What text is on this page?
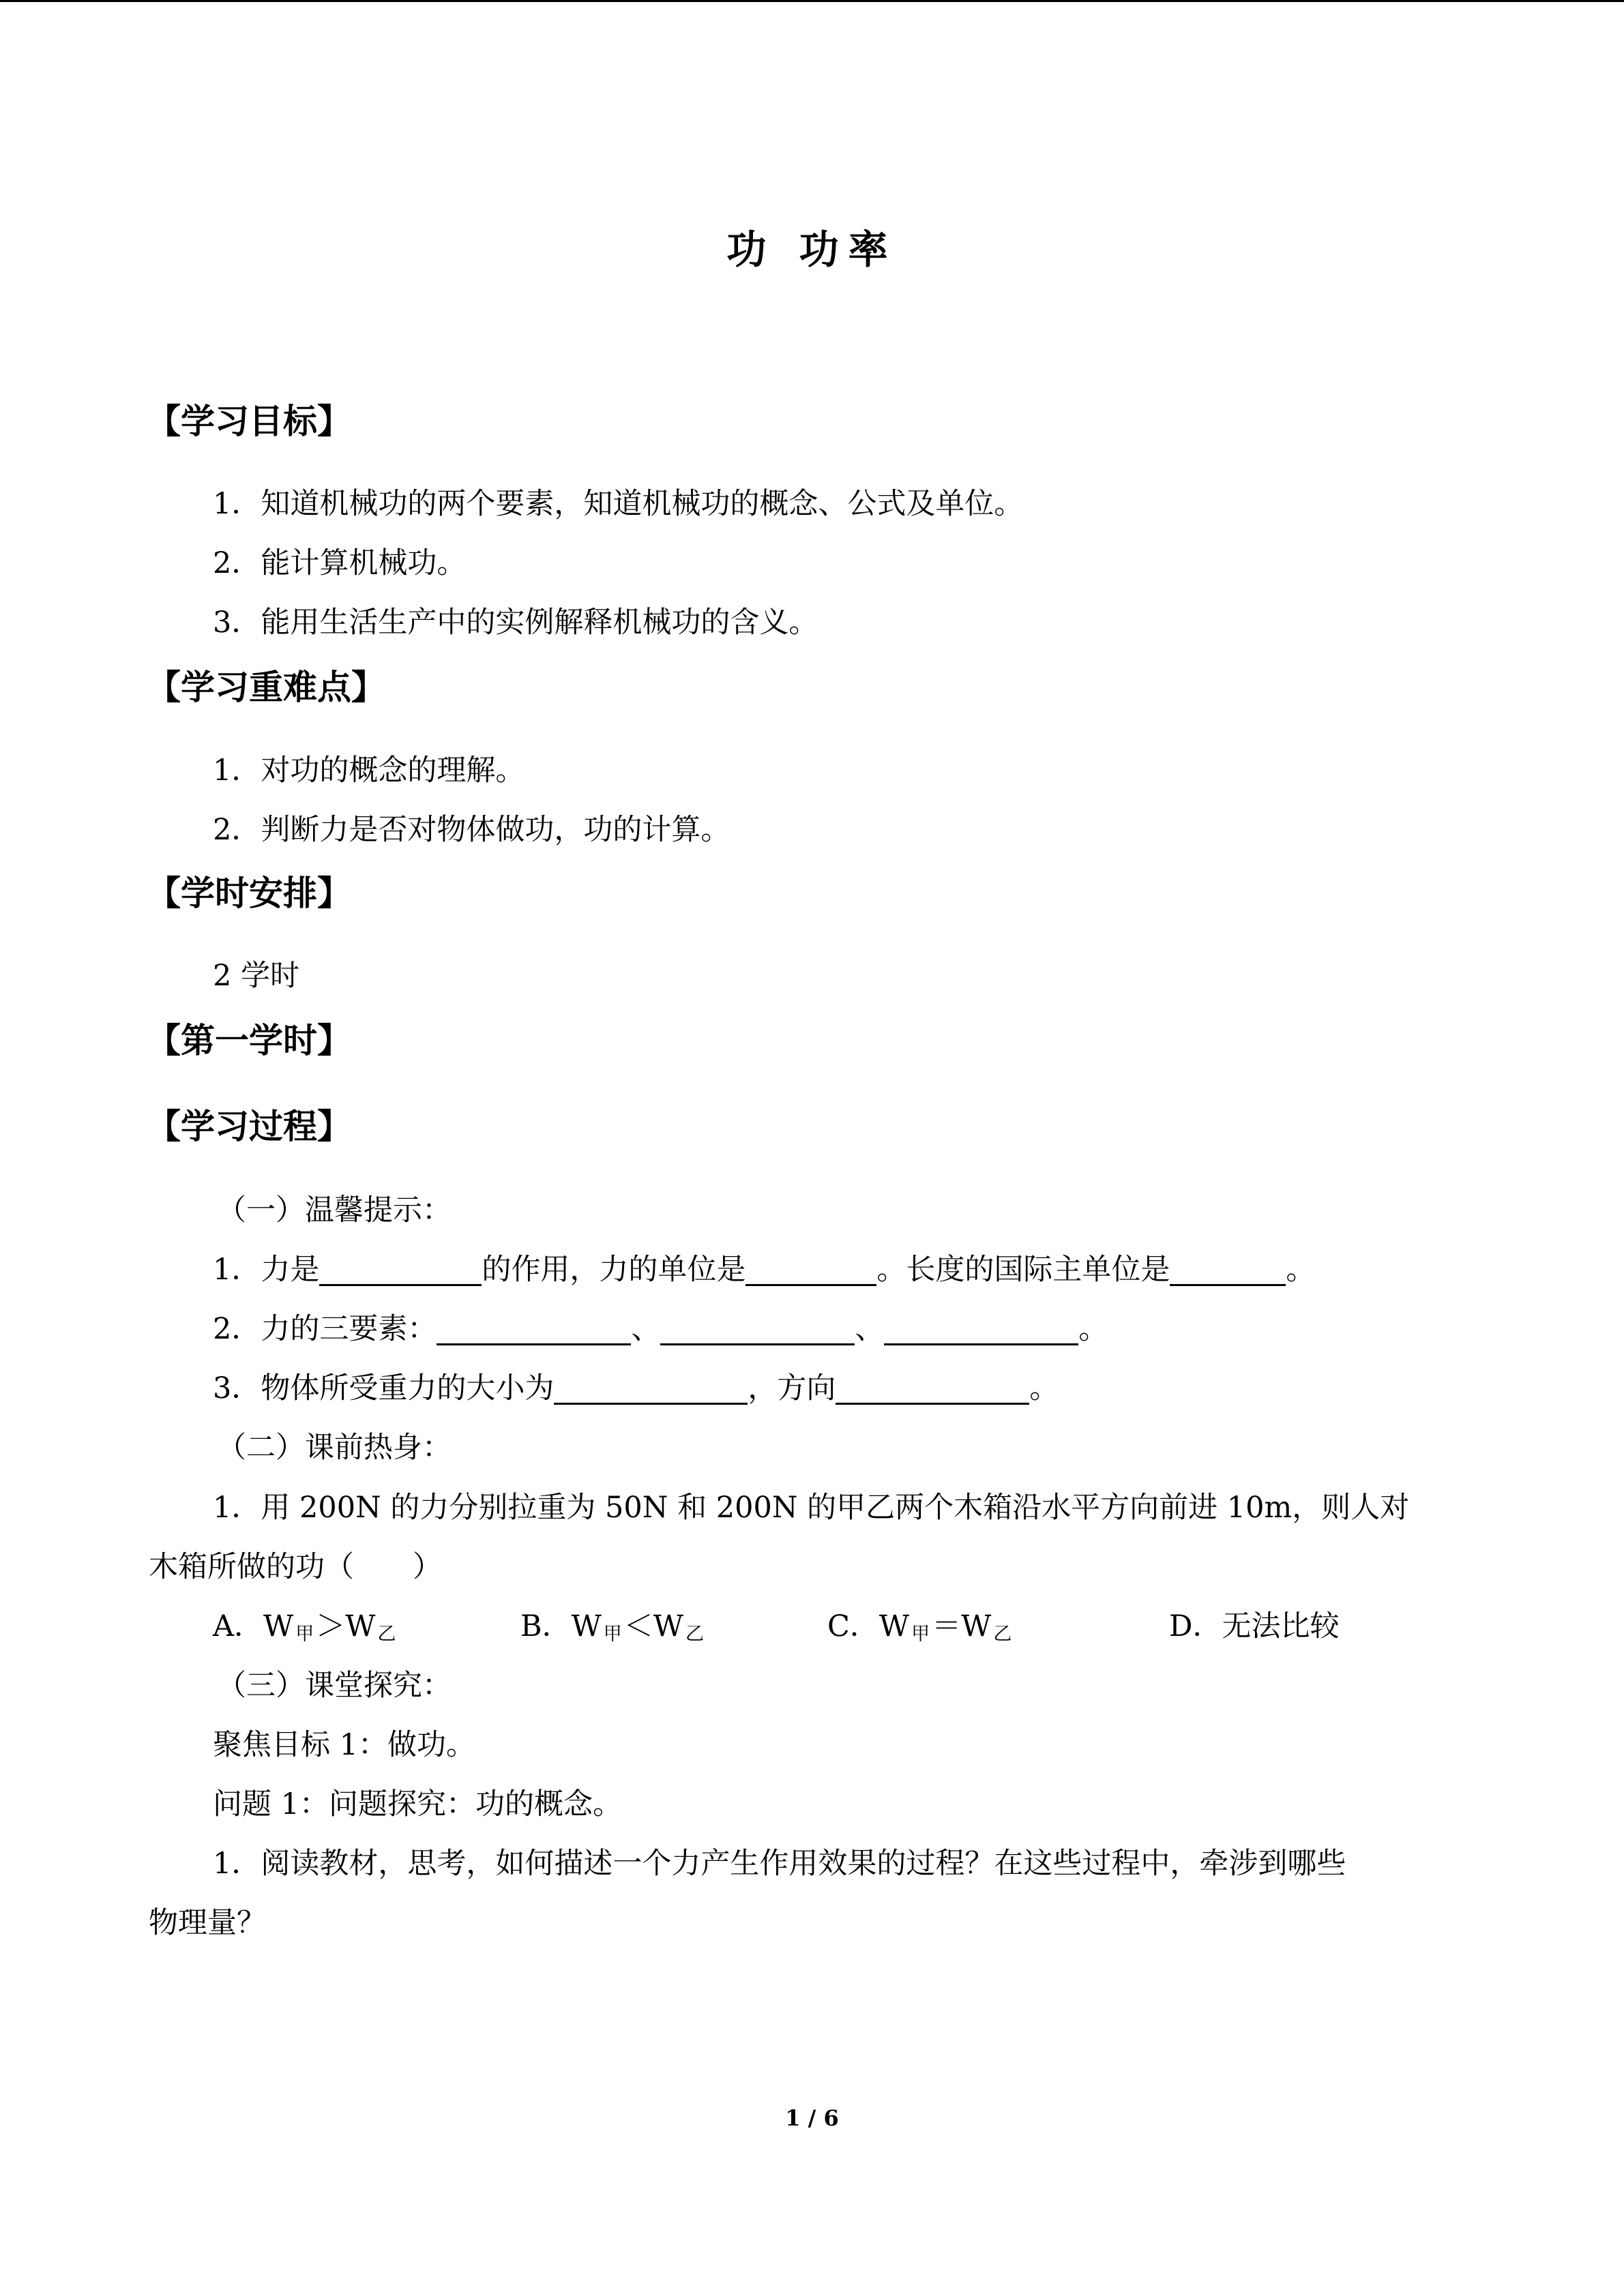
功 功率
【学习目标】
1．知道机械功的两个要素，知道机械功的概念、公式及单位。
2．能计算机械功。
3．能用生活生产中的实例解释机械功的含义。
【学习重难点】
1．对功的概念的理解。
2．判断力是否对物体做功，功的计算。
【学时安排】
2 学时
【第一学时】
【学习过程】
（一）温馨提示：
1．力是	的作用，力的单位是	。长度的国际主单位是	。
2．力的三要素：	、	、	。
3．物体所受重力的大小为	，方向	。
（二）课前热身：
1．用 200N 的力分别拉重为 50N 和 200N 的甲乙两个木箱沿水平方向前进 10m，则人对
木箱所做的功（　　）
A．W $_甲$＞W $_乙$	B．W $_甲$＜W $_乙$	C．W $_甲$＝W $_乙$	D．无法比较
（三）课堂探究：
聚焦目标 1：做功。
问题 1：问题探究：功的概念。
1．阅读教材，思考，如何描述一个力产生作用效果的过程？在这些过程中，牵涉到哪些
物理量？
1 / 6
